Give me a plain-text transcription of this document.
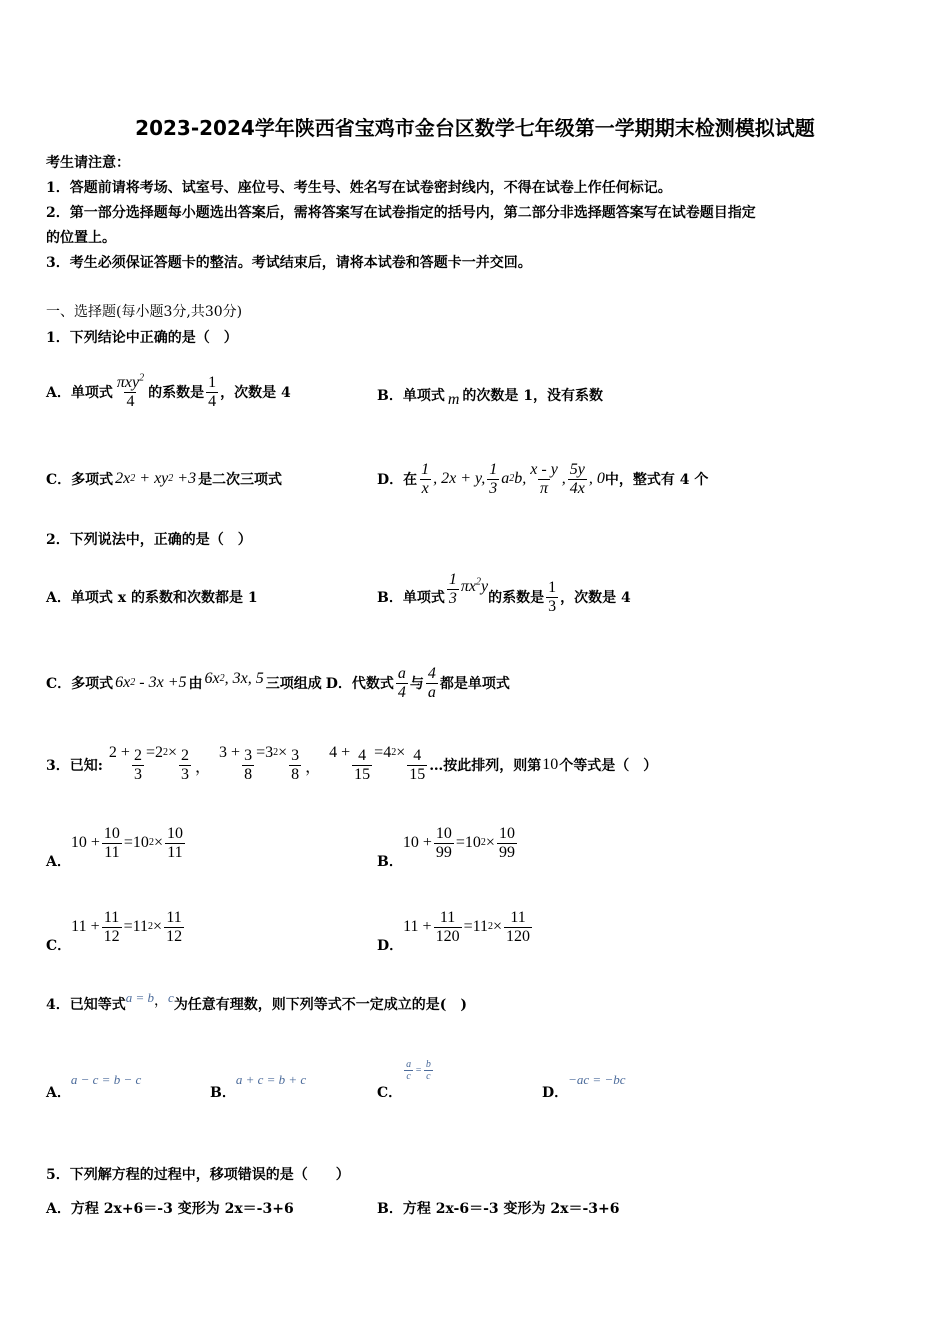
2023-2024学年陕西省宝鸡市金台区数学七年级第一学期期末检测模拟试题
考生请注意：
1．答题前请将考场、试室号、座位号、考生号、姓名写在试卷密封线内，不得在试卷上作任何标记。
2．第一部分选择题每小题选出答案后，需将答案写在试卷指定的括号内，第二部分非选择题答案写在试卷题目指定
的位置上。
3．考生必须保证答题卡的整洁。考试结束后，请将本试卷和答题卡一并交回。
一、选择题(每小题3分,共30分)
1．下列结论中正确的是（　）
A．单项式 $\frac{\pi xy^2}{4}$ 的系数是 $\frac{1}{4}$ ，次数是 4	B．单项式 m 的次数是 1，没有系数
C．多项式 2x 2
+ xy 2
+3 是二次三项式	D．在 $\frac{1}{x}$ , 2x + y, $\frac{1}{3}$ a 2 b, $\frac{x - y}{\pi}$ , $\frac{5y}{4x}$ , 0 中，整式有 4 个
2．下列说法中，正确的是（　）
A．单项式 x 的系数和次数都是 1	B．单项式 $\frac{1}{3} \pi x^2y$
的系数是 $\frac{1}{3}$ ，次数是 4
C．多项式 6x 2
- 3x +5 由 6x 2 , 3x, 5 三项组成 D．代数式 $\frac{a}{4}$ 与 $\frac{4}{a}$ 都是单项式
3．已知:
$2 + \frac{2}{3} =2$ $2 \times \frac{2}{3}$ ，
$3 + \frac{3}{8} =3$ $2 \times \frac{3}{8}$ ，
$4 + \frac{4}{15} =4$ $2 \times \frac{4}{15}$ …按此排列，则第 10 个等式是（　）
A．
$10 + \frac{10}{11} =10$ $2 \times \frac{10}{11}$
B．
$10 + \frac{10}{99} =10$ $2 \times \frac{10}{99}$
C．
$11 + \frac{11}{12} =11$ $2 \times \frac{11}{12}$
D．
$11 + \frac{11}{120} =11$ $2 \times \frac{11}{120}$
4．已知等式 a = b ， c 为任意有理数，则下列等式不一定成立的是(　)
A．
a − c = b − c
B．
a + c = b + c
C．
$\frac{a}{c} = \frac{b}{c}$
D．
−ac = −bc
5．下列解方程的过程中，移项错误的是（　　）
A．方程 2x+6＝-3 变形为 2x＝-3+6	B．方程 2x-6＝-3 变形为 2x＝-3+6
